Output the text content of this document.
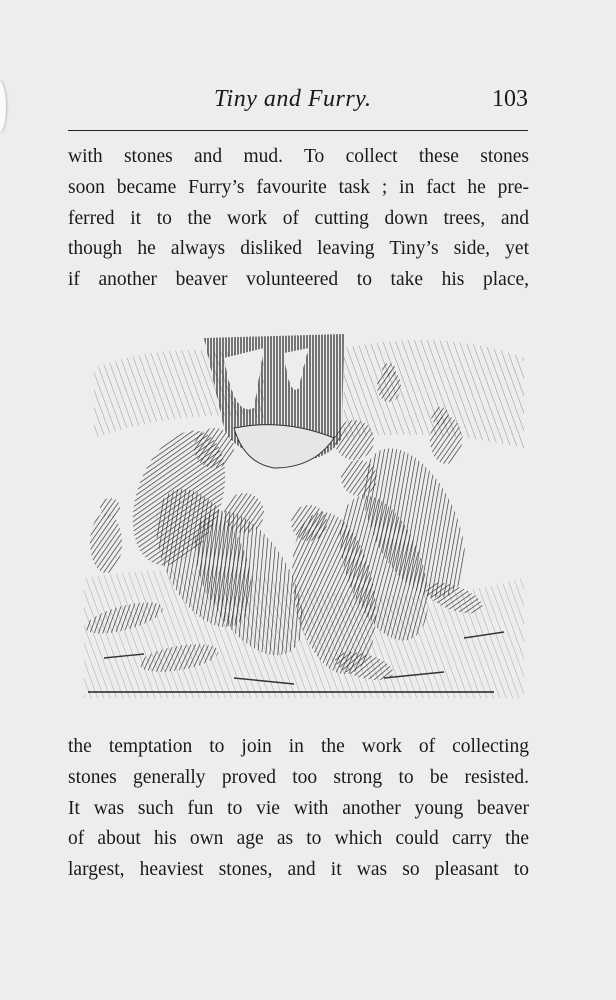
Tiny and Furry.	103
with stones and mud. To collect these stones
soon became Furry’s favourite task ; in fact he pre-
ferred it to the work of cutting down trees, and
though he always disliked leaving Tiny’s side, yet
if another beaver volunteered to take his place,
the temptation to join in the work of collecting
stones generally proved too strong to be resisted.
It was such fun to vie with another young beaver
of about his own age as to which could carry the
largest, heaviest stones, and it was so pleasant to
